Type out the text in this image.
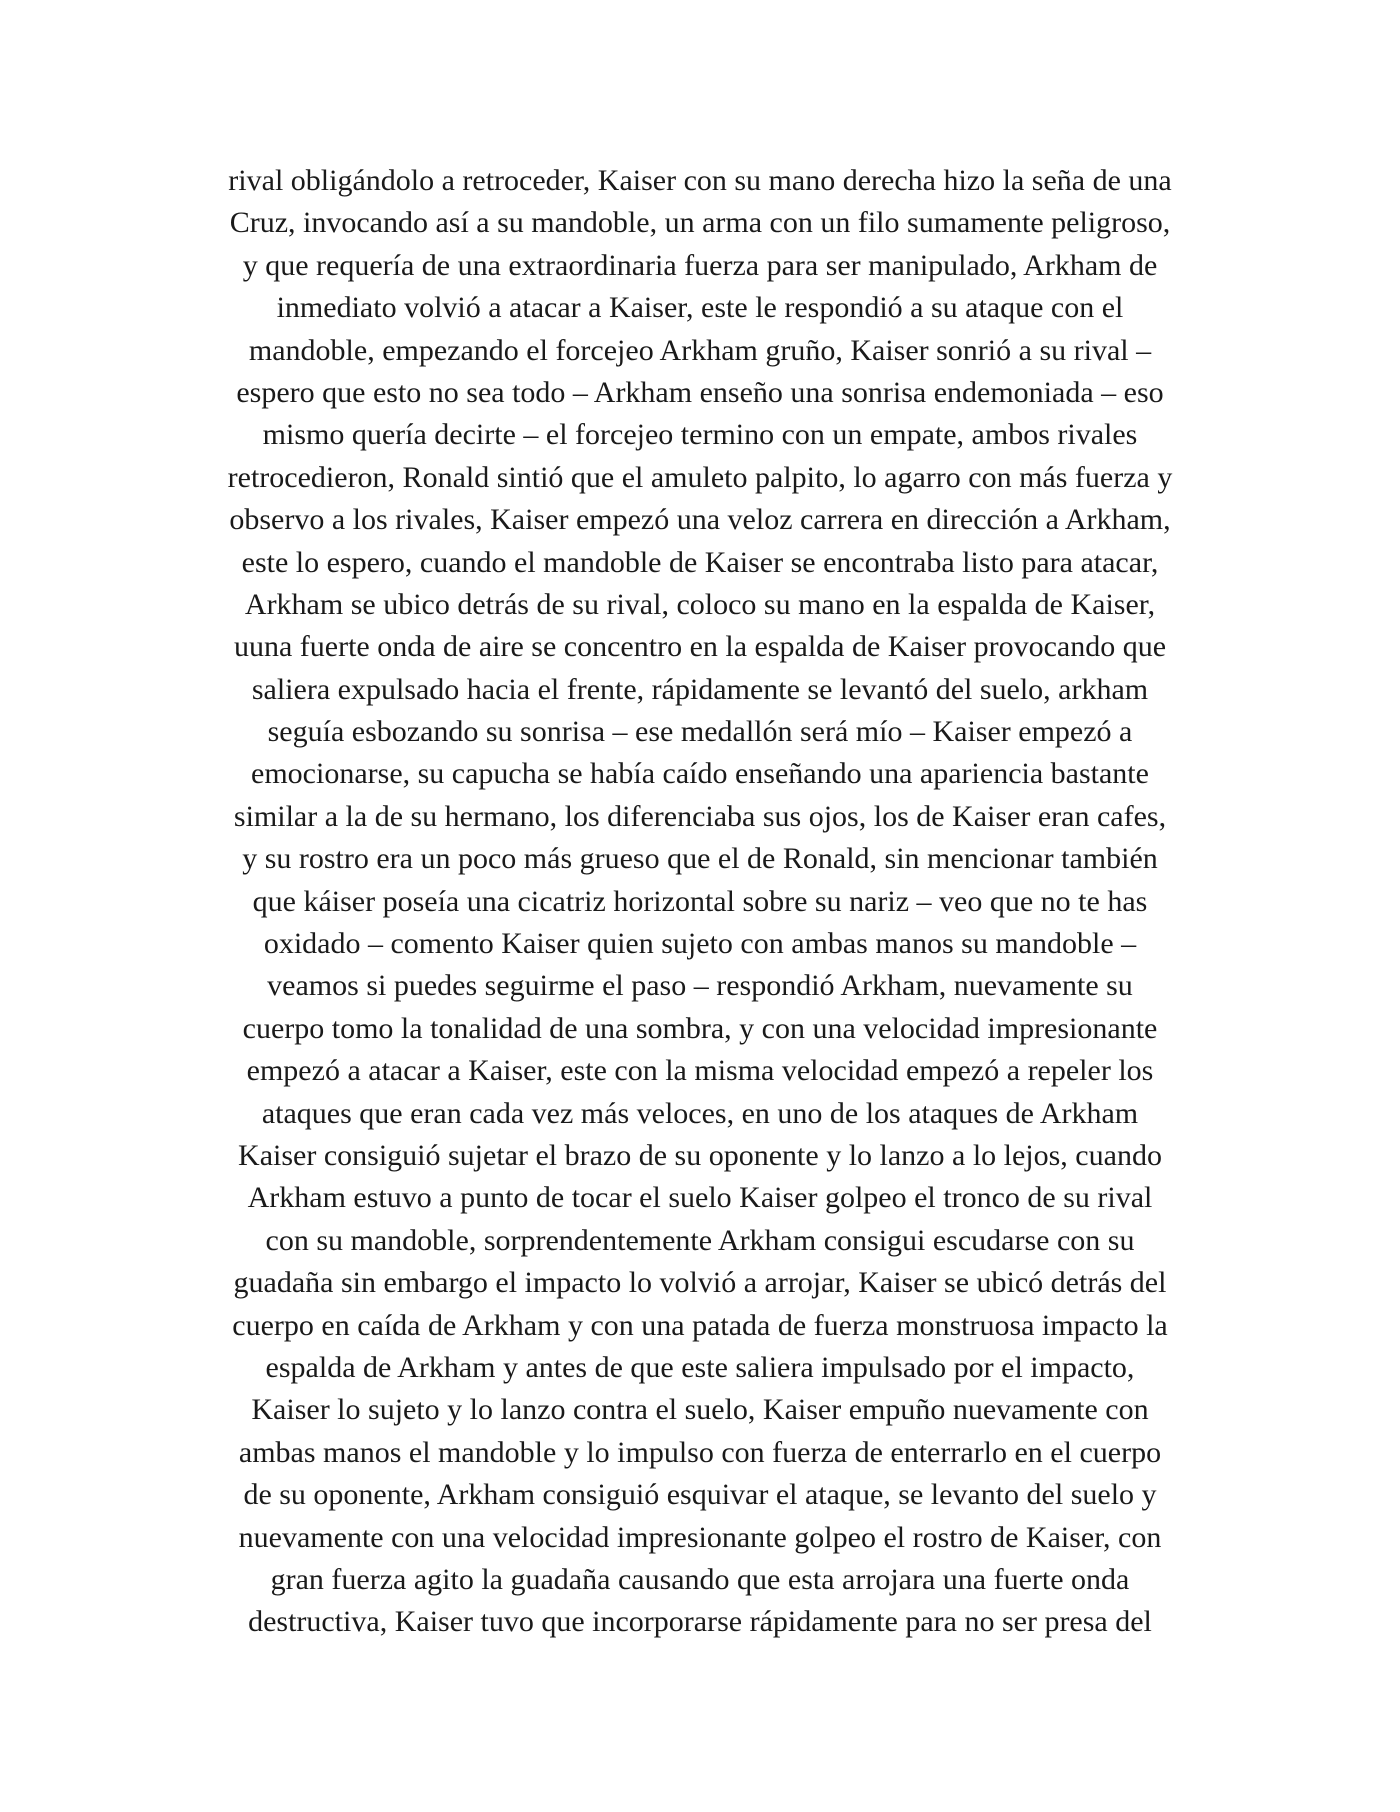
rival obligándolo a retroceder, Kaiser con su mano derecha hizo la seña de una
Cruz, invocando así a su mandoble, un arma con un filo sumamente peligroso,
y que requería de una extraordinaria fuerza para ser manipulado, Arkham de
inmediato volvió a atacar a Kaiser, este le respondió a su ataque con el
mandoble, empezando el forcejeo Arkham gruño, Kaiser sonrió a su rival –
espero que esto no sea todo – Arkham enseño una sonrisa endemoniada – eso
mismo quería decirte – el forcejeo termino con un empate, ambos rivales
retrocedieron, Ronald sintió que el amuleto palpito, lo agarro con más fuerza y
observo a los rivales, Kaiser empezó una veloz carrera en dirección a Arkham,
este lo espero, cuando el mandoble de Kaiser se encontraba listo para atacar,
Arkham se ubico detrás de su rival, coloco su mano en la espalda de Kaiser,
uuna fuerte onda de aire se concentro en la espalda de Kaiser provocando que
saliera expulsado hacia el frente, rápidamente se levantó del suelo, arkham
seguía esbozando su sonrisa – ese medallón será mío – Kaiser empezó a
emocionarse, su capucha se había caído enseñando una apariencia bastante
similar a la de su hermano, los diferenciaba sus ojos, los de Kaiser eran cafes,
y su rostro era un poco más grueso que el de Ronald, sin mencionar también
que káiser poseía una cicatriz horizontal sobre su nariz – veo que no te has
oxidado – comento Kaiser quien sujeto con ambas manos su mandoble –
veamos si puedes seguirme el paso – respondió Arkham, nuevamente su
cuerpo tomo la tonalidad de una sombra, y con una velocidad impresionante
empezó a atacar a Kaiser, este con la misma velocidad empezó a repeler los
ataques que eran cada vez más veloces, en uno de los ataques de Arkham
Kaiser consiguió sujetar el brazo de su oponente y lo lanzo a lo lejos, cuando
Arkham estuvo a punto de tocar el suelo Kaiser golpeo el tronco de su rival
con su mandoble, sorprendentemente Arkham consigui escudarse con su
guadaña sin embargo el impacto lo volvió a arrojar, Kaiser se ubicó detrás del
cuerpo en caída de Arkham y con una patada de fuerza monstruosa impacto la
espalda de Arkham y antes de que este saliera impulsado por el impacto,
Kaiser lo sujeto y lo lanzo contra el suelo, Kaiser empuño nuevamente con
ambas manos el mandoble y lo impulso con fuerza de enterrarlo en el cuerpo
de su oponente, Arkham consiguió esquivar el ataque, se levanto del suelo y
nuevamente con una velocidad impresionante golpeo el rostro de Kaiser, con
gran fuerza agito la guadaña causando que esta arrojara una fuerte onda
destructiva, Kaiser tuvo que incorporarse rápidamente para no ser presa del
